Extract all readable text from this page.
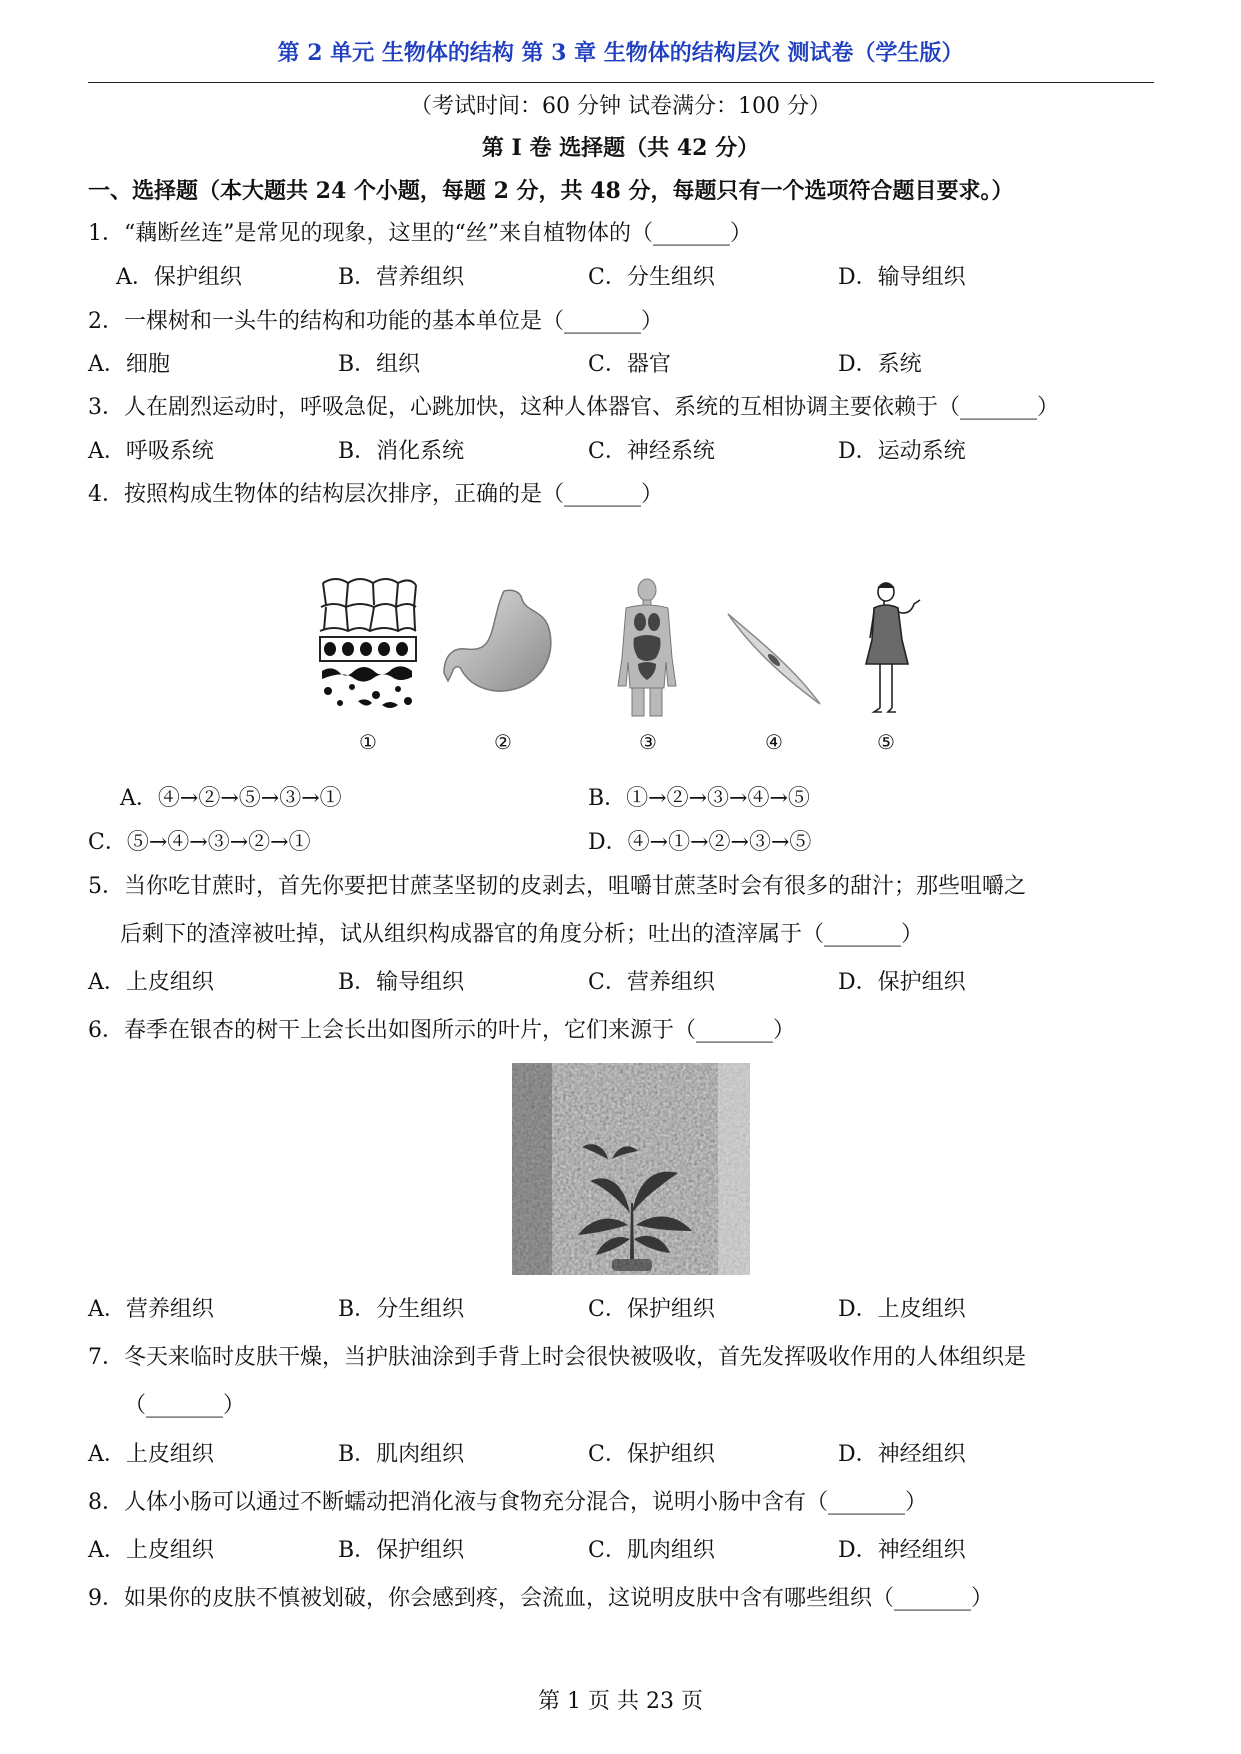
第 2 单元 生物体的结构 第 3 章 生物体的结构层次 测试卷（学生版）
（考试时间：60 分钟 试卷满分：100 分）
第 I 卷 选择题（共 42 分）
一、选择题（本大题共 24 个小题，每题 2 分，共 48 分，每题只有一个选项符合题目要求。）
1．“藕断丝连”是常见的现象，这里的“丝”来自植物体的（_______）
A．保护组织	B．营养组织	C．分生组织	D．输导组织
2．一棵树和一头牛的结构和功能的基本单位是（_______）
A．细胞	B．组织	C．器官	D．系统
3．人在剧烈运动时，呼吸急促，心跳加快，这种人体器官、系统的互相协调主要依赖于（_______）
A．呼吸系统	B．消化系统	C．神经系统	D．运动系统
4．按照构成生物体的结构层次排序，正确的是（_______）
①	②	③	④	⑤
A．④→②→⑤→③→①	B．①→②→③→④→⑤
C．⑤→④→③→②→①	D．④→①→②→③→⑤
5．当你吃甘蔗时，首先你要把甘蔗茎坚韧的皮剥去，咀嚼甘蔗茎时会有很多的甜汁；那些咀嚼之
后剩下的渣滓被吐掉，试从组织构成器官的角度分析；吐出的渣滓属于（_______）
A．上皮组织	B．输导组织	C．营养组织	D．保护组织
6．春季在银杏的树干上会长出如图所示的叶片，它们来源于（_______）
A．营养组织	B．分生组织	C．保护组织	D．上皮组织
7．冬天来临时皮肤干燥，当护肤油涂到手背上时会很快被吸收，首先发挥吸收作用的人体组织是
（_______）
A．上皮组织	B．肌肉组织	C．保护组织	D．神经组织
8．人体小肠可以通过不断蠕动把消化液与食物充分混合，说明小肠中含有（_______）
A．上皮组织	B．保护组织	C．肌肉组织	D．神经组织
9．如果你的皮肤不慎被划破，你会感到疼，会流血，这说明皮肤中含有哪些组织（_______）
第 1 页 共 23 页
